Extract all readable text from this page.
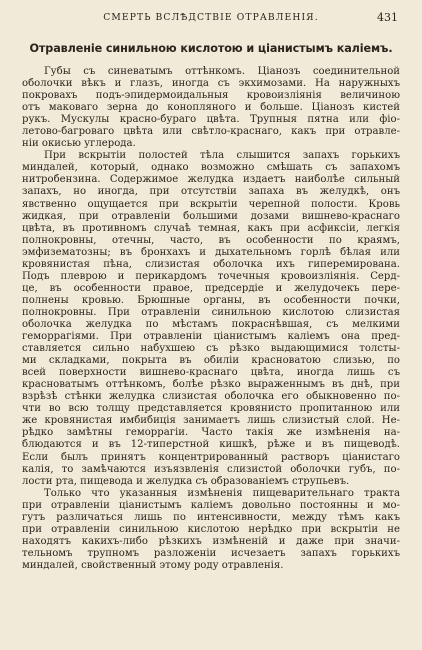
СМЕРТЬ ВСЛѢДСТВІЕ ОТРАВЛЕНІЯ.	431
Отравленіе синильною кислотою и ціанистымъ каліемъ.
Губы съ синеватымъ оттѣнкомъ. Ціанозъ соединительной
оболочки вѣкъ и глазъ, иногда съ экхимозами. На наружныхъ
покровахъ подъ-эпидермоидальныя кровоизліянія величиною
отъ маковаго зерна до конопляного и больше. Ціанозъ кистей
рукъ. Мускулы красно-бураго цвѣта. Трупныя пятна или фіо-
летово-багроваго цвѣта или свѣтло-краснаго, какъ при отравле-
ніи окисью углерода.
При вскрытіи полостей тѣла слышится запахъ горькихъ
миндалей, который, однако возможно смѣшать съ запахомъ
нитробензина. Содержимое желудка издаетъ наиболѣе сильный
запахъ, но иногда, при отсутствіи запаха въ желудкѣ, онъ
явственно ощущается при вскрытіи черепной полости. Кровь
жидкая, при отравленіи большими дозами вишнево-краснаго
цвѣта, въ противномъ случаѣ темная, какъ при асфиксіи, легкія
полнокровны, отечны, часто, въ особенности по краямъ,
эмфизематозны; въ бронхахъ и дыхательномъ горлѣ бѣлая или
кровянистая пѣна, слизистая оболочка ихъ гиперемирована.
Подъ плеврою и перикардомъ точечныя кровоизліянія. Серд-
це, въ особенности правое, предсердіе и желудочекъ пере-
полнены кровью. Брюшные органы, въ особенности почки,
полнокровны. При отравленіи синильною кислотою слизистая
оболочка желудка по мѣстамъ покраснѣвшая, съ мелкими
геморрагіями. При отравленіи ціанистымъ каліемъ она пред-
ставляется сильно набухшею съ рѣзко выдающимися толсты-
ми складками, покрыта въ обиліи красноватою слизью, по
всей поверхности вишнево-краснаго цвѣта, иногда лишь съ
красноватымъ оттѣнкомъ, болѣе рѣзко выраженнымъ въ днѣ, при
взрѣзѣ стѣнки желудка слизистая оболочка его обыкновенно по-
чти во всю толщу представляется кровянисто пропитанною или
же кровянистая имбибиція занимаетъ лишь слизистый слой. Не-
рѣдко замѣтны геморрагіи. Часто такія же измѣненія на-
блюдаются и въ 12-типерстной кишкѣ, рѣже и въ пищеводѣ.
Если былъ принятъ концентрированный растворъ ціанистаго
калія, то замѣчаются изъязвленія слизистой оболочки губъ, по-
лости рта, пищевода и желудка съ образованіемъ струпьевъ.
Только что указанныя измѣненія пищеварительнаго тракта
при отравленіи ціанистымъ каліемъ довольно постоянны и мо-
гутъ различаться лишь по интенсивности, между тѣмъ какъ
при отравленіи синильною кислотою нерѣдко при вскрытіи не
находятъ какихъ-либо рѣзкихъ измѣненій и даже при значи-
тельномъ трупномъ разложеніи исчезаетъ запахъ горькихъ
миндалей, свойственный этому роду отравленія.
